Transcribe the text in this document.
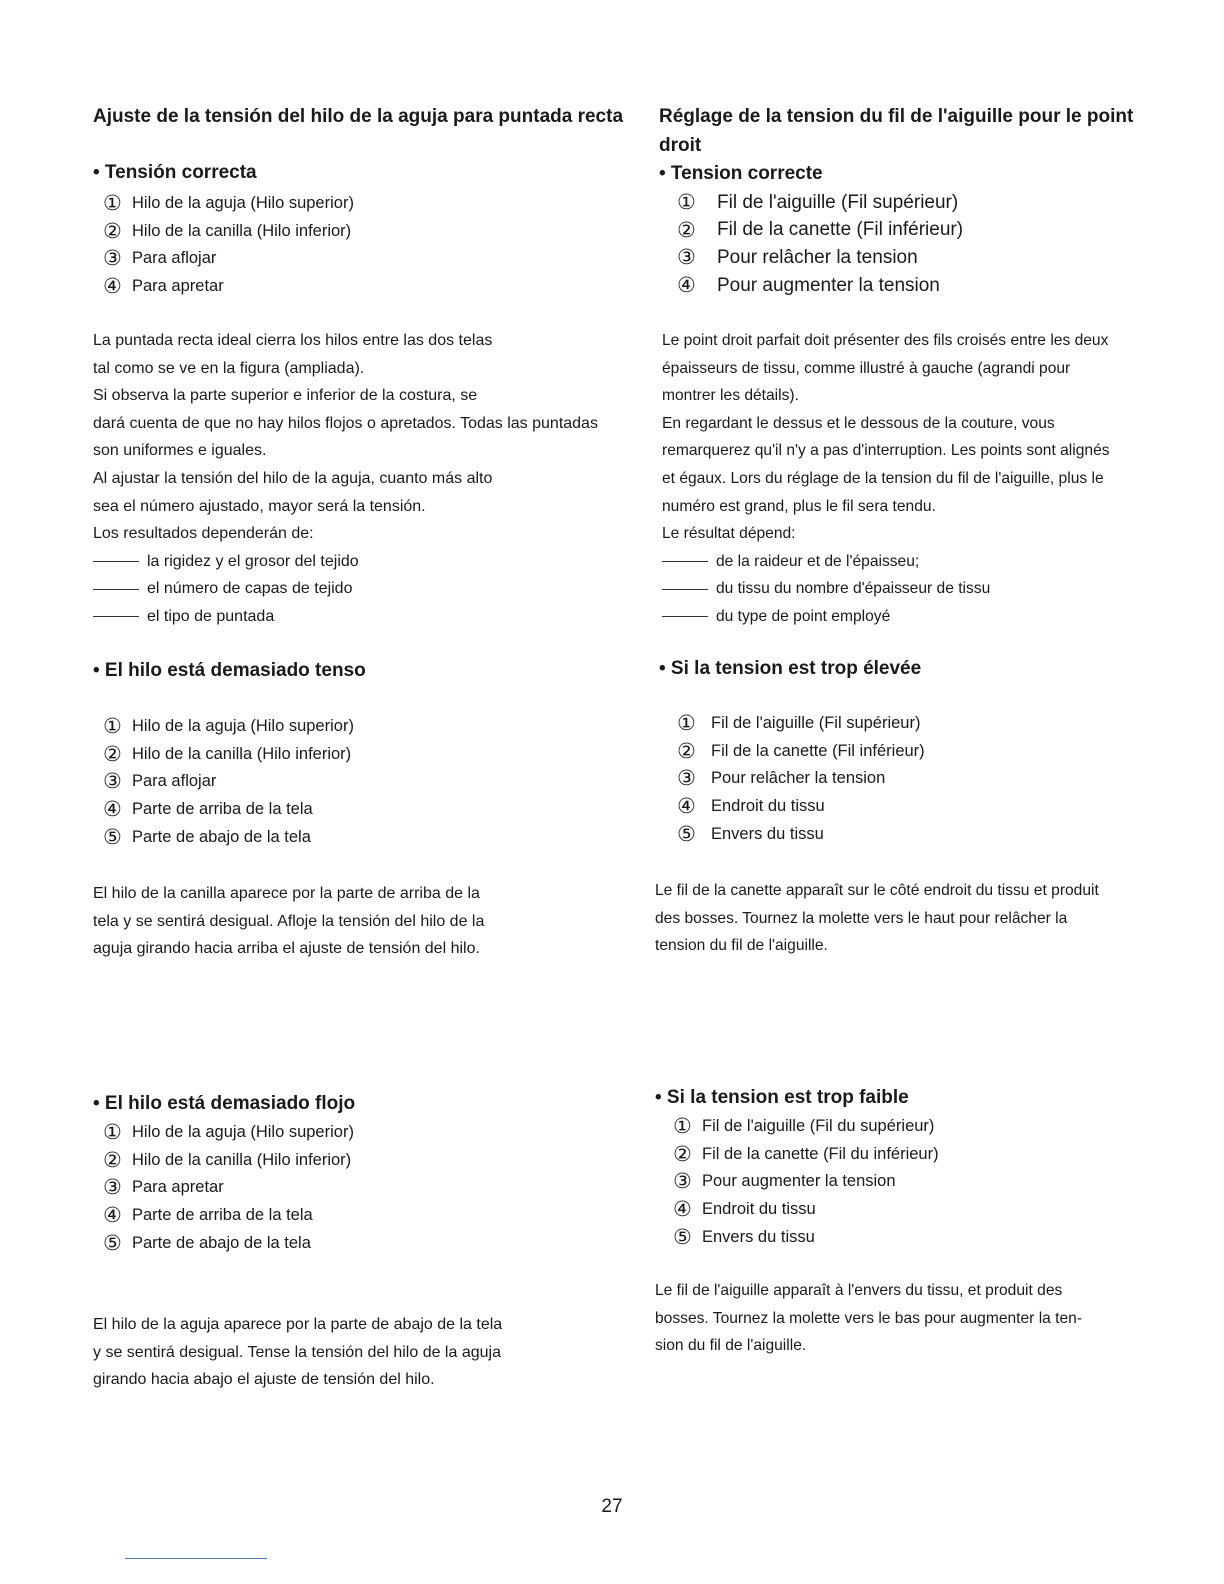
Ajuste de la tensión del hilo de la aguja para puntada recta
• Tensión correcta
① Hilo de la aguja (Hilo superior)
② Hilo de la canilla (Hilo inferior)
③ Para aflojar
④ Para apretar
La puntada recta ideal cierra los hilos entre las dos telas
tal como se ve en la figura (ampliada).
Si observa la parte superior e inferior de la costura, se
dará cuenta de que no hay hilos flojos o apretados. Todas las puntadas
son uniformes e iguales.
Al ajustar la tensión del hilo de la aguja, cuanto más alto
sea el número ajustado, mayor será la tensión.
Los resultados dependerán de:
la rigidez y el grosor del tejido
el número de capas de tejido
el tipo de puntada
• El hilo está demasiado tenso
① Hilo de la aguja (Hilo superior)
② Hilo de la canilla (Hilo inferior)
③ Para aflojar
④ Parte de arriba de la tela
⑤ Parte de abajo de la tela
El hilo de la canilla aparece por la parte de arriba de la
tela y se sentirá desigual. Afloje la tensión del hilo de la
aguja girando hacia arriba el ajuste de tensión del hilo.
• El hilo está demasiado flojo
① Hilo de la aguja (Hilo superior)
② Hilo de la canilla (Hilo inferior)
③ Para apretar
④ Parte de arriba de la tela
⑤ Parte de abajo de la tela
El hilo de la aguja aparece por la parte de abajo de la tela
y se sentirá desigual. Tense la tensión del hilo de la aguja
girando hacia abajo el ajuste de tensión del hilo.
Réglage de la tension du fil de l'aiguille pour le point
droit
• Tension correcte
①	Fil de l'aiguille (Fil supérieur)
②	Fil de la canette (Fil inférieur)
③	Pour relâcher la tension
④	Pour augmenter la tension
Le point droit parfait doit présenter des fils croisés entre les deux
épaisseurs de tissu, comme illustré à gauche (agrandi pour
montrer les détails).
En regardant le dessus et le dessous de la couture, vous
remarquerez qu'il n'y a pas d'interruption. Les points sont alignés
et égaux. Lors du réglage de la tension du fil de l'aiguille, plus le
numéro est grand, plus le fil sera tendu.
Le résultat dépend:
de la raideur et de l'épaisseu;
du tissu du nombre d'épaisseur de tissu
du type de point employé
• Si la tension est trop élevée
① Fil de l'aiguille (Fil supérieur)
② Fil de la canette (Fil inférieur)
③ Pour relâcher la tension
④ Endroit du tissu
⑤ Envers du tissu
Le fil de la canette apparaît sur le côté endroit du tissu et produit
des bosses. Tournez la molette vers le haut pour relâcher la
tension du fil de l'aiguille.
• Si la tension est trop faible
① Fil de l'aiguille (Fil du supérieur)
② Fil de la canette (Fil du inférieur)
③ Pour augmenter la tension
④ Endroit du tissu
⑤ Envers du tissu
Le fil de l'aiguille apparaît à l'envers du tissu, et produit des
bosses. Tournez la molette vers le bas pour augmenter la ten-
sion du fil de l'aiguille.
27
